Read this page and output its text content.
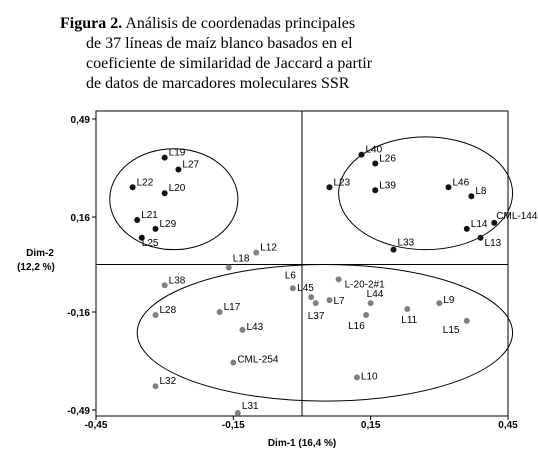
Figura 2. Análisis de coordenadas principales
de 37 líneas de maíz blanco basados en el
coeficiente de similaridad de Jaccard a partir
de datos de marcadores moleculares SSR
-0,45	-0,15	0,15	0,45
0,49
0,16
-0,16
-0,49
L19
L27
L22
L20
L21
L29
L25
L40
L26
L23	L39	L46
L8
CML-144
L14
L13
L33
L12
L18
L38	L6
L45	L-20-2#1
L7
L37
L44
L9
L28	L17
L16
L11
L15
L43
CML-254
L10
L32
L31
Dim-1 (16,4 %)
Dim-2
(12,2 %)
